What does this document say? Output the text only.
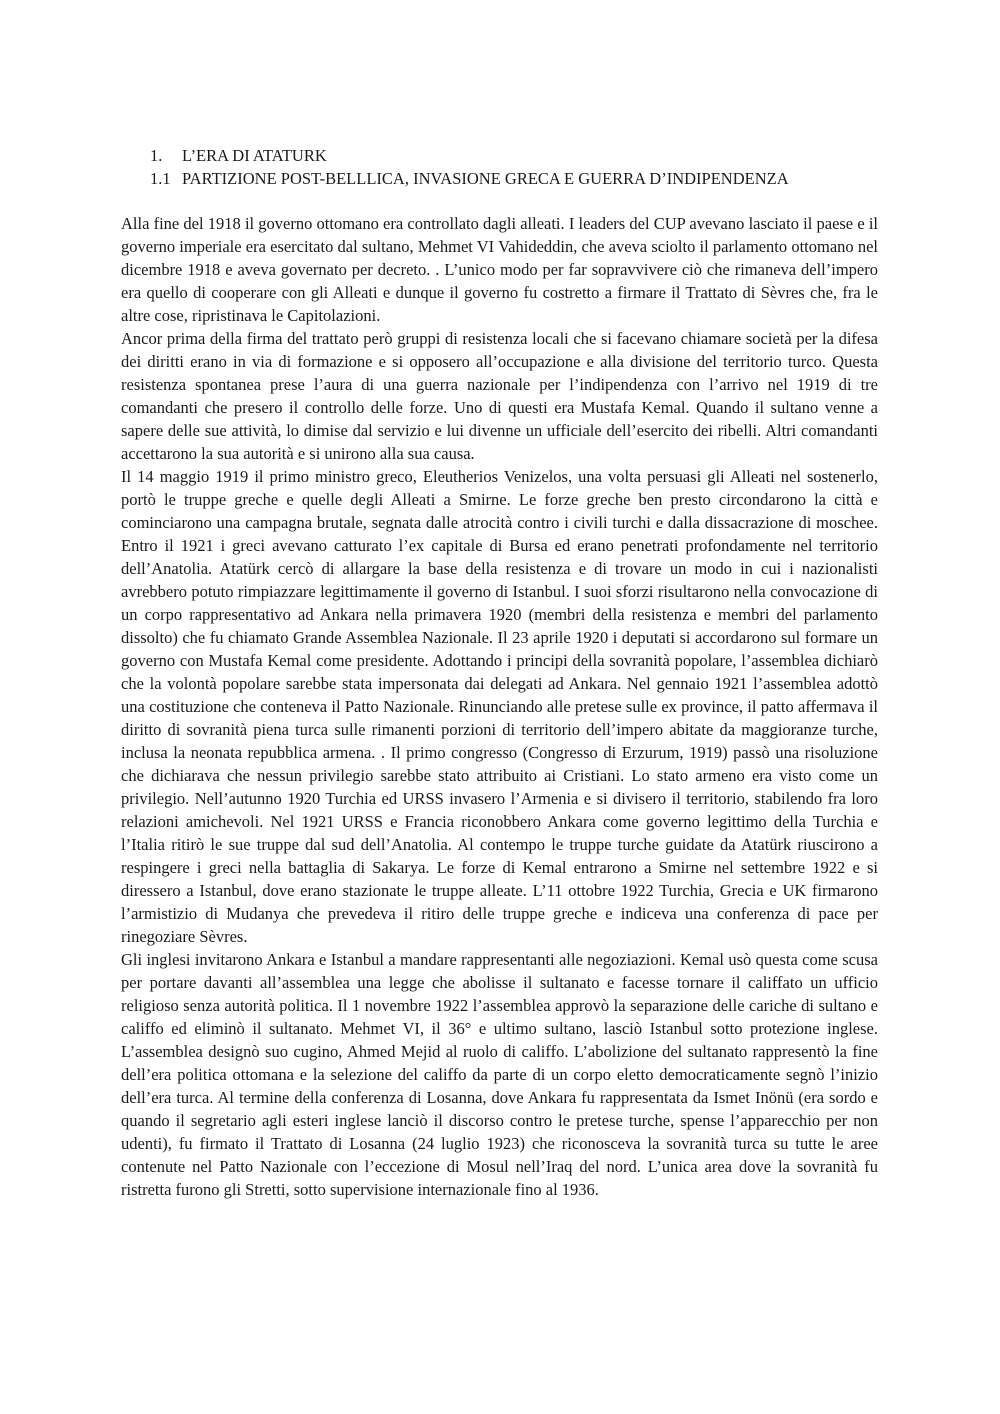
1.	L’ERA DI ATATURK
1.1 PARTIZIONE POST-BELLLICA, INVASIONE GRECA E GUERRA D’INDIPENDENZA

Alla fine del 1918 il governo ottomano era controllato dagli alleati. I leaders del CUP avevano lasciato il paese e il governo imperiale era esercitato dal sultano, Mehmet VI Vahideddin, che aveva sciolto il parlamento ottomano nel dicembre 1918 e aveva governato per decreto. . L’unico modo per far sopravvivere ciò che rimaneva dell’impero era quello di cooperare con gli Alleati e dunque il governo fu costretto a firmare il Trattato di Sèvres che, fra le altre cose, ripristinava le Capitolazioni.

Ancor prima della firma del trattato però gruppi di resistenza locali che si facevano chiamare società per la difesa dei diritti erano in via di formazione e si opposero all’occupazione e alla divisione del territorio turco. Questa resistenza spontanea prese l’aura di una guerra nazionale per l’indipendenza con l’arrivo nel 1919 di tre comandanti che presero il controllo delle forze. Uno di questi era Mustafa Kemal. Quando il sultano venne a sapere delle sue attività, lo dimise dal servizio e lui divenne un ufficiale dell’esercito dei ribelli. Altri comandanti accettarono la sua autorità e si unirono alla sua causa.

Il 14 maggio 1919 il primo ministro greco, Eleutherios Venizelos, una volta persuasi gli Alleati nel sostenerlo, portò le truppe greche e quelle degli Alleati a Smirne. Le forze greche ben presto circondarono la città e cominciarono una campagna brutale, segnata dalle atrocità contro i civili turchi e dalla dissacrazione di moschee. Entro il 1921 i greci avevano catturato l’ex capitale di Bursa ed erano penetrati profondamente nel territorio dell’Anatolia. Atatürk cercò di allargare la base della resistenza e di trovare un modo in cui i nazionalisti avrebbero potuto rimpiazzare legittimamente il governo di Istanbul. I suoi sforzi risultarono nella convocazione di un corpo rappresentativo ad Ankara nella primavera 1920 (membri della resistenza e membri del parlamento dissolto) che fu chiamato Grande Assemblea Nazionale. Il 23 aprile 1920 i deputati si accordarono sul formare un governo con Mustafa Kemal come presidente. Adottando i principi della sovranità popolare, l’assemblea dichiarò che la volontà popolare sarebbe stata impersonata dai delegati ad Ankara. Nel gennaio 1921 l’assemblea adottò una costituzione che conteneva il Patto Nazionale. Rinunciando alle pretese sulle ex province, il patto affermava il diritto di sovranità piena turca sulle rimanenti porzioni di territorio dell’impero abitate da maggioranze turche, inclusa la neonata repubblica armena. . Il primo congresso (Congresso di Erzurum, 1919) passò una risoluzione che dichiarava che nessun privilegio sarebbe stato attribuito ai Cristiani. Lo stato armeno era visto come un privilegio. Nell’autunno 1920 Turchia ed URSS invasero l’Armenia e si divisero il territorio, stabilendo fra loro relazioni amichevoli. Nel 1921 URSS e Francia riconobbero Ankara come governo legittimo della Turchia e l’Italia ritirò le sue truppe dal sud dell’Anatolia. Al contempo le truppe turche guidate da Atatürk riuscirono a respingere i greci nella battaglia di Sakarya. Le forze di Kemal entrarono a Smirne nel settembre 1922 e si diressero a Istanbul, dove erano stazionate le truppe alleate. L’11 ottobre 1922 Turchia, Grecia e UK firmarono l’armistizio di Mudanya che prevedeva il ritiro delle truppe greche e indiceva una conferenza di pace per rinegoziare Sèvres.

Gli inglesi invitarono Ankara e Istanbul a mandare rappresentanti alle negoziazioni. Kemal usò questa come scusa per portare davanti all’assemblea una legge che abolisse il sultanato e facesse tornare il califfato un ufficio religioso senza autorità politica. Il 1 novembre 1922 l’assemblea approvò la separazione delle cariche di sultano e califfo ed eliminò il sultanato. Mehmet VI, il 36° e ultimo sultano, lasciò Istanbul sotto protezione inglese. L’assemblea designò suo cugino, Ahmed Mejid al ruolo di califfo. L’abolizione del sultanato rappresentò la fine dell’era politica ottomana e la selezione del califfo da parte di un corpo eletto democraticamente segnò l’inizio dell’era turca. Al termine della conferenza di Losanna, dove Ankara fu rappresentata da Ismet Inönü (era sordo e quando il segretario agli esteri inglese lanciò il discorso contro le pretese turche, spense l’apparecchio per non udenti), fu firmato il Trattato di Losanna (24 luglio 1923) che riconosceva la sovranità turca su tutte le aree contenute nel Patto Nazionale con l’eccezione di Mosul nell’Iraq del nord. L’unica area dove la sovranità fu ristretta furono gli Stretti, sotto supervisione internazionale fino al 1936.
